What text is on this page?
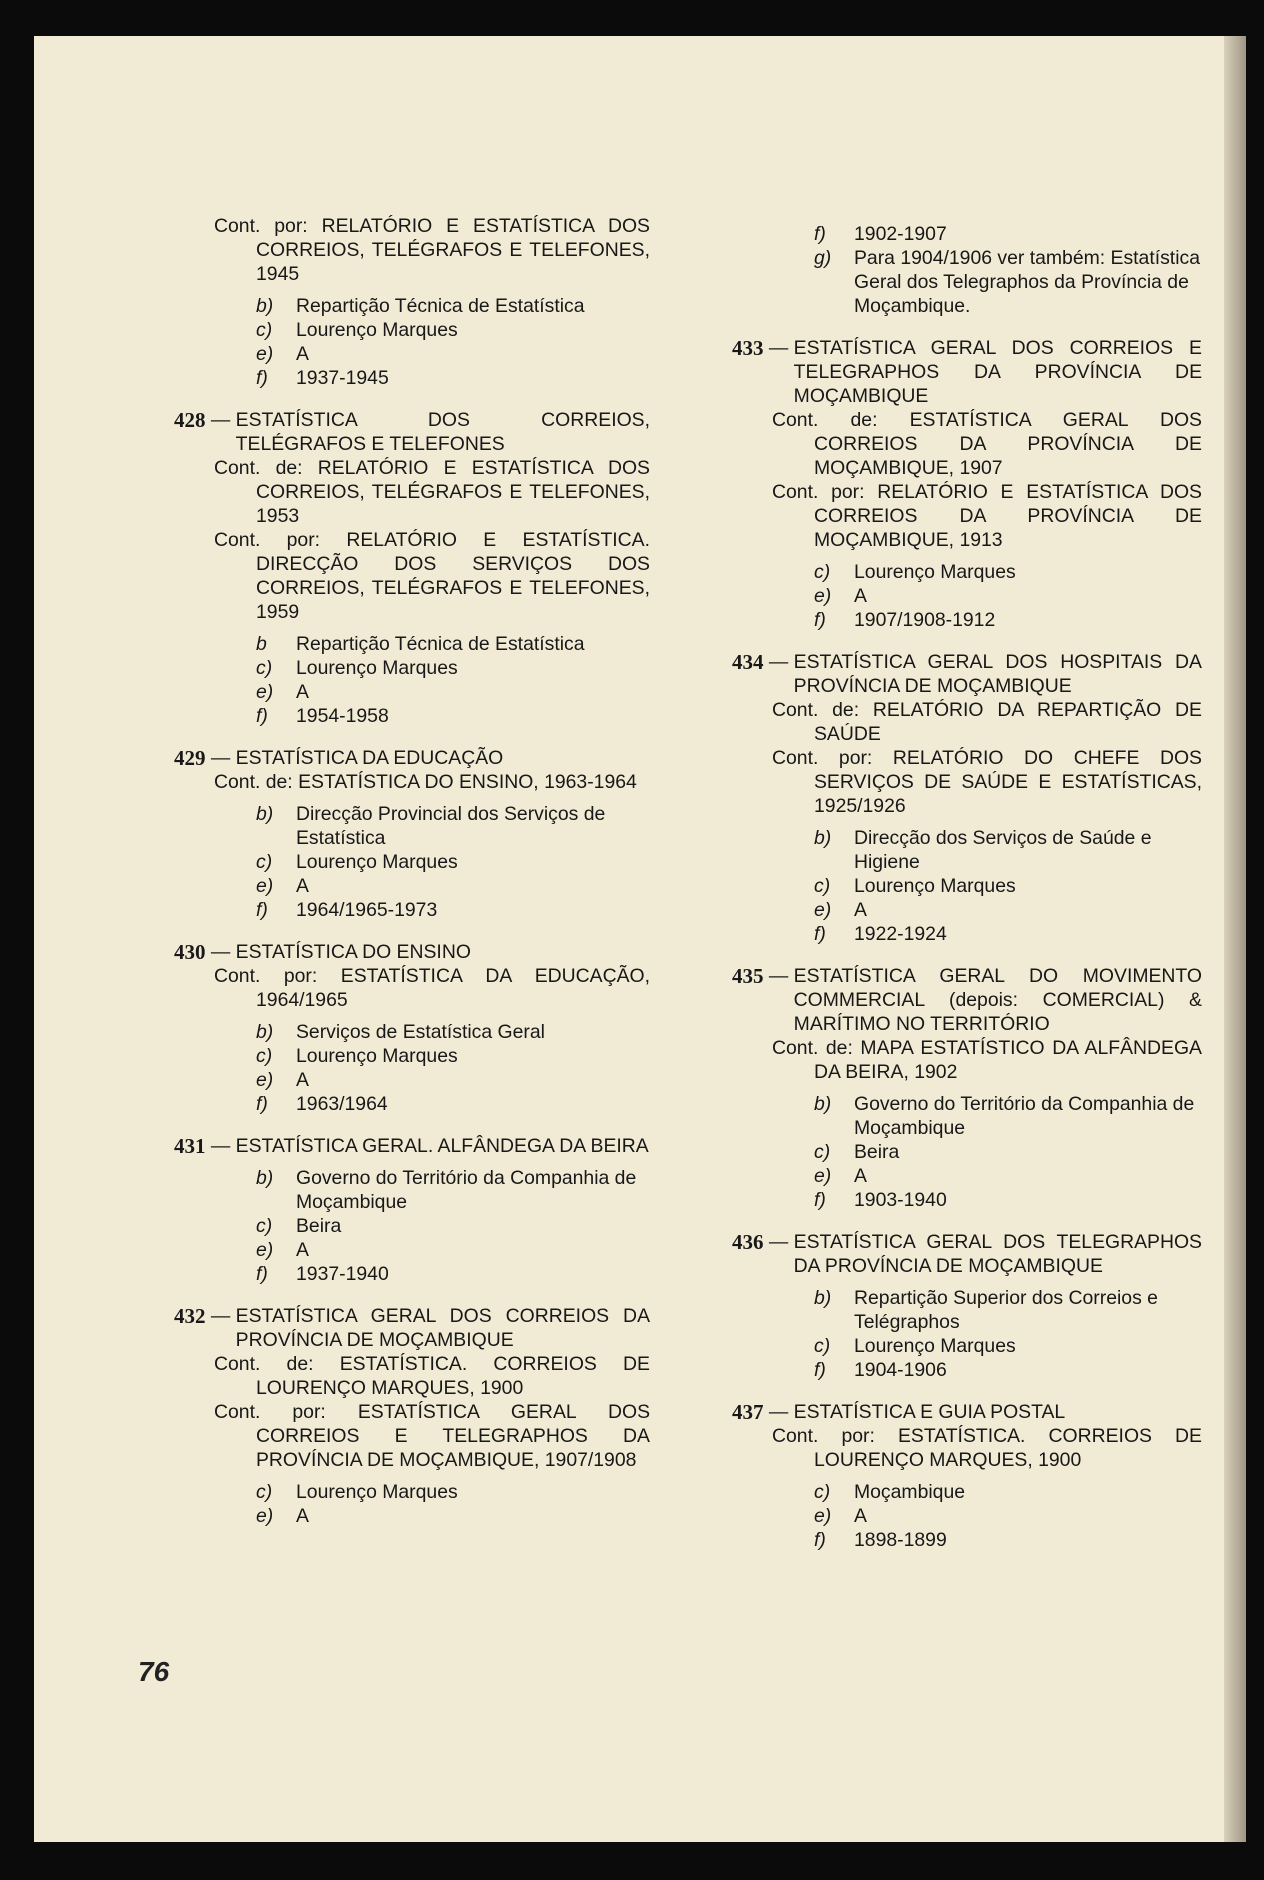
Cont. por: RELATÓRIO E ESTATÍSTICA DOS CORREIOS, TELÉGRAFOS E TELEFONES, 1945
b) Repartição Técnica de Estatística
c) Lourenço Marques
e) A
f) 1937-1945
428 — ESTATÍSTICA DOS CORREIOS, TELÉGRAFOS E TELEFONES
Cont. de: RELATÓRIO E ESTATÍSTICA DOS CORREIOS, TELÉGRAFOS E TELEFONES, 1953
Cont. por: RELATÓRIO E ESTATÍSTICA. DIRECÇÃO DOS SERVIÇOS DOS CORREIOS, TELÉGRAFOS E TELEFONES, 1959
b Repartição Técnica de Estatística
c) Lourenço Marques
e) A
f) 1954-1958
429 — ESTATÍSTICA DA EDUCAÇÃO
Cont. de: ESTATÍSTICA DO ENSINO, 1963-1964
b) Direcção Provincial dos Serviços de Estatística
c) Lourenço Marques
e) A
f) 1964/1965-1973
430 — ESTATÍSTICA DO ENSINO
Cont. por: ESTATÍSTICA DA EDUCAÇÃO, 1964/1965
b) Serviços de Estatística Geral
c) Lourenço Marques
e) A
f) 1963/1964
431 — ESTATÍSTICA GERAL. ALFÂNDEGA DA BEIRA
b) Governo do Território da Companhia de Moçambique
c) Beira
e) A
f) 1937-1940
432 — ESTATÍSTICA GERAL DOS CORREIOS DA PROVÍNCIA DE MOÇAMBIQUE
Cont. de: ESTATÍSTICA. CORREIOS DE LOURENÇO MARQUES, 1900
Cont. por: ESTATÍSTICA GERAL DOS CORREIOS E TELEGRAPHOS DA PROVÍNCIA DE MOÇAMBIQUE, 1907/1908
c) Lourenço Marques
e) A
f) 1902-1907
g) Para 1904/1906 ver também: Estatística Geral dos Telegraphos da Província de Moçambique.
433 — ESTATÍSTICA GERAL DOS CORREIOS E TELEGRAPHOS DA PROVÍNCIA DE MOÇAMBIQUE
Cont. de: ESTATÍSTICA GERAL DOS CORREIOS DA PROVÍNCIA DE MOÇAMBIQUE, 1907
Cont. por: RELATÓRIO E ESTATÍSTICA DOS CORREIOS DA PROVÍNCIA DE MOÇAMBIQUE, 1913
c) Lourenço Marques
e) A
f) 1907/1908-1912
434 — ESTATÍSTICA GERAL DOS HOSPITAIS DA PROVÍNCIA DE MOÇAMBIQUE
Cont. de: RELATÓRIO DA REPARTIÇÃO DE SAÚDE
Cont. por: RELATÓRIO DO CHEFE DOS SERVIÇOS DE SAÚDE E ESTATÍSTICAS, 1925/1926
b) Direcção dos Serviços de Saúde e Higiene
c) Lourenço Marques
e) A
f) 1922-1924
435 — ESTATÍSTICA GERAL DO MOVIMENTO COMMERCIAL (depois: COMERCIAL) & MARÍTIMO NO TERRITÓRIO
Cont. de: MAPA ESTATÍSTICO DA ALFÂNDEGA DA BEIRA, 1902
b) Governo do Território da Companhia de Moçambique
c) Beira
e) A
f) 1903-1940
436 — ESTATÍSTICA GERAL DOS TELEGRAPHOS DA PROVÍNCIA DE MOÇAMBIQUE
b) Repartição Superior dos Correios e Telégraphos
c) Lourenço Marques
f) 1904-1906
437 — ESTATÍSTICA E GUIA POSTAL
Cont. por: ESTATÍSTICA. CORREIOS DE LOURENÇO MARQUES, 1900
c) Moçambique
e) A
f) 1898-1899
76
